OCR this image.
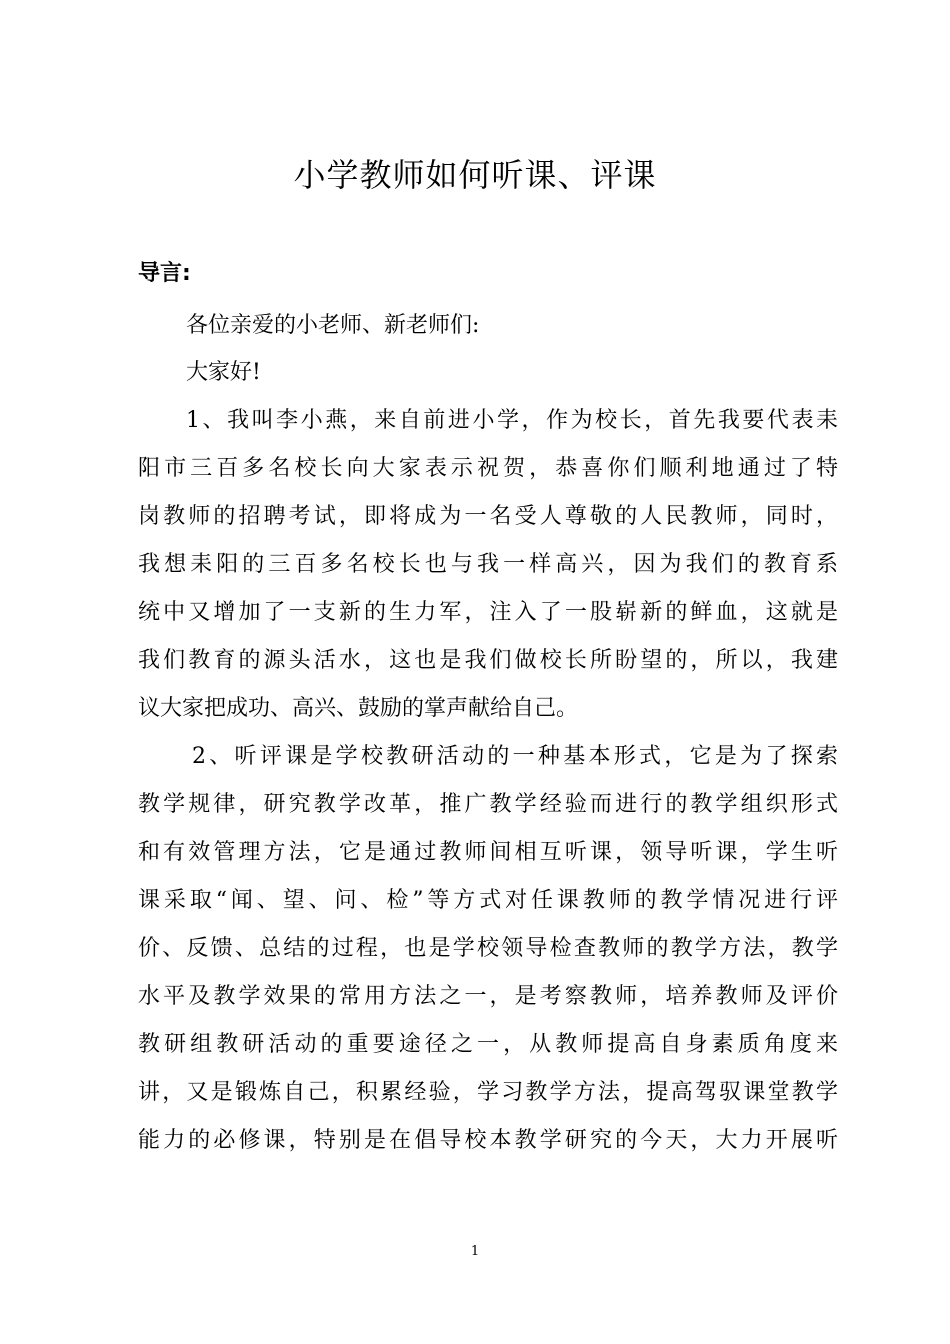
小学教师如何听课、评课
导言:
各位亲爱的小老师、新老师们:
大家好!
1、我叫李小燕，来自前进小学，作为校长，首先我要代表耒
阳市三百多名校长向大家表示祝贺，恭喜你们顺利地通过了特
岗教师的招聘考试，即将成为一名受人尊敬的人民教师，同时，
我想耒阳的三百多名校长也与我一样高兴，因为我们的教育系
统中又增加了一支新的生力军，注入了一股崭新的鲜血，这就是
我们教育的源头活水，这也是我们做校长所盼望的，所以，我建
议大家把成功、高兴、鼓励的掌声献给自己。
2、听评课是学校教研活动的一种基本形式，它是为了探索
教学规律，研究教学改革，推广教学经验而进行的教学组织形式
和有效管理方法，它是通过教师间相互听课，领导听课，学生听
课采取“闻、望、问、检”等方式对任课教师的教学情况进行评
价、反馈、总结的过程，也是学校领导检查教师的教学方法，教学
水平及教学效果的常用方法之一，是考察教师，培养教师及评价
教研组教研活动的重要途径之一，从教师提高自身素质角度来
讲，又是锻炼自己，积累经验，学习教学方法，提高驾驭课堂教学
能力的必修课，特别是在倡导校本教学研究的今天，大力开展听
1
